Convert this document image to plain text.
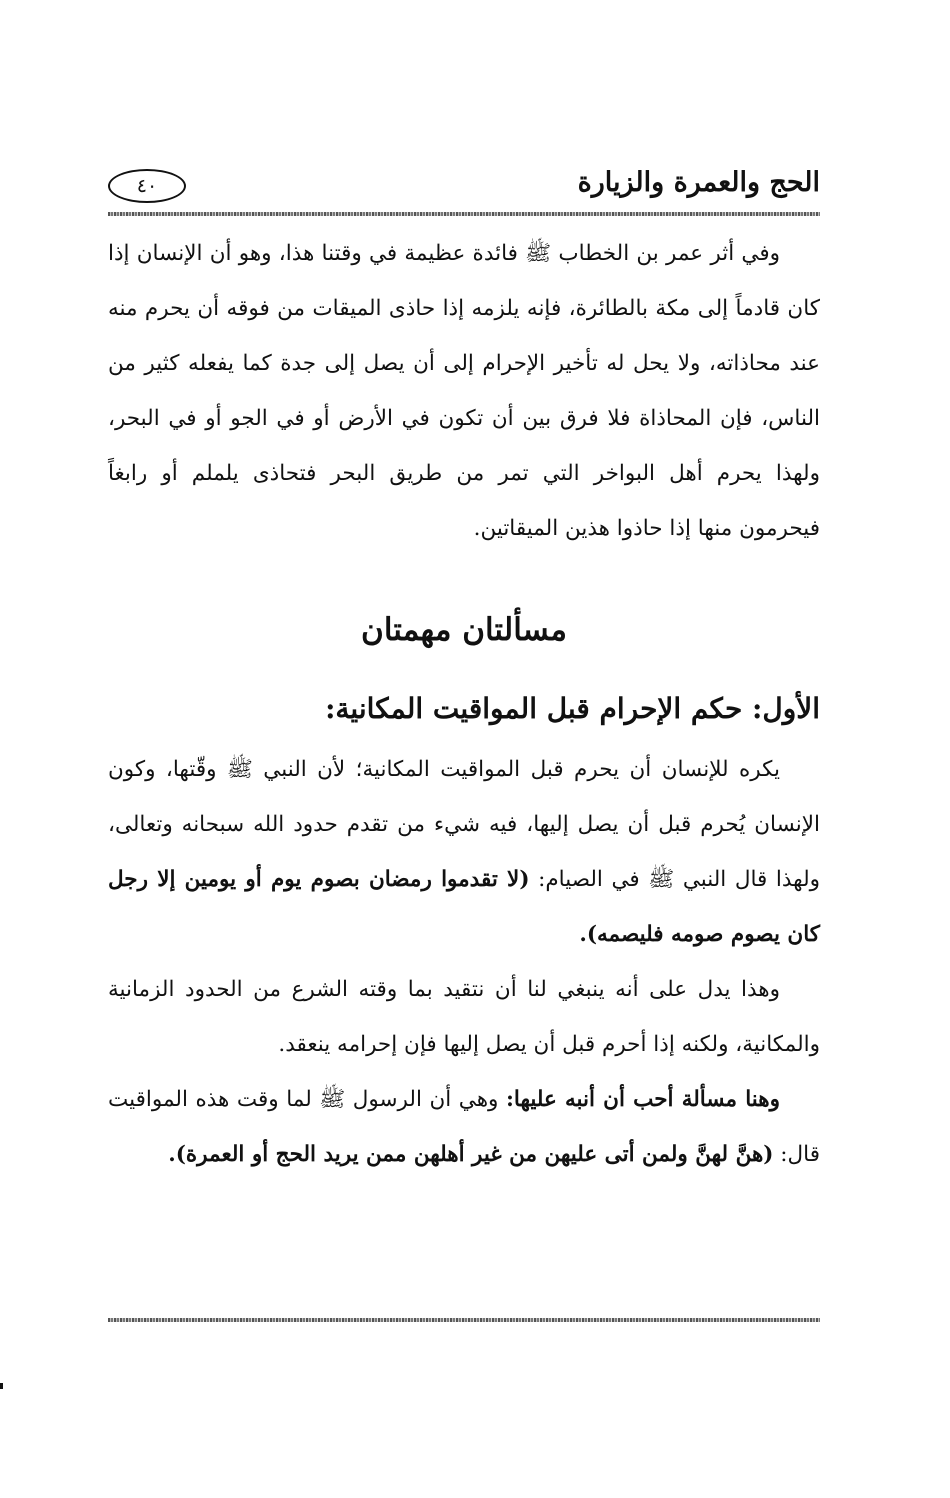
الحج والعمرة والزيارة
٤٠

وفي أثر عمر بن الخطاب ﷺ فائدة عظيمة في وقتنا هذا، وهو أن الإنسان إذا كان قادماً إلى مكة بالطائرة، فإنه يلزمه إذا حاذى الميقات من فوقه أن يحرم منه عند محاذاته، ولا يحل له تأخير الإحرام إلى أن يصل إلى جدة كما يفعله كثير من الناس، فإن المحاذاة فلا فرق بين أن تكون في الأرض أو في الجو أو في البحر، ولهذا يحرم أهل البواخر التي تمر من طريق البحر فتحاذى يلملم أو رابغاً فيحرمون منها إذا حاذوا هذين الميقاتين.

مسألتان مهمتان
الأول: حكم الإحرام قبل المواقيت المكانية:

يكره للإنسان أن يحرم قبل المواقيت المكانية؛ لأن النبي ﷺ وقّتها، وكون الإنسان يُحرم قبل أن يصل إليها، فيه شيء من تقدم حدود الله سبحانه وتعالى، ولهذا قال النبي ﷺ في الصيام: (لا تقدموا رمضان بصوم يوم أو يومين إلا رجل كان يصوم صومه فليصمه).

وهذا يدل على أنه ينبغي لنا أن نتقيد بما وقته الشرع من الحدود الزمانية والمكانية، ولكنه إذا أحرم قبل أن يصل إليها فإن إحرامه ينعقد.

وهنا مسألة أحب أن أنبه عليها: وهي أن الرسول ﷺ لما وقت هذه المواقيت قال: (هنَّ لهنَّ ولمن أتى عليهن من غير أهلهن ممن يريد الحج أو العمرة).
